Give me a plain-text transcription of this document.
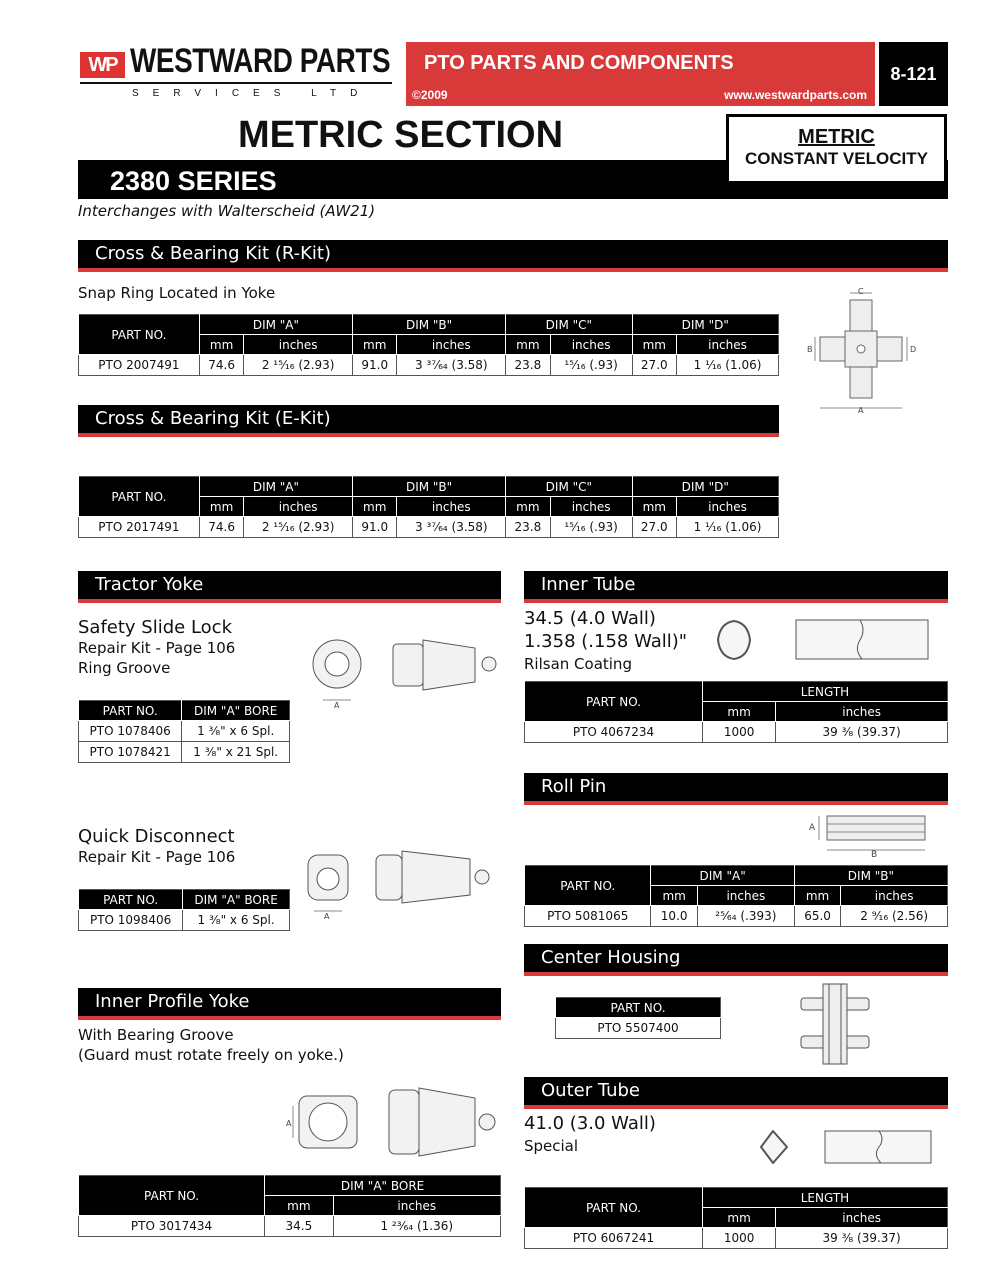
WP WESTWARD PARTS
SERVICES LTD
PTO PARTS AND COMPONENTS
©2009	www.westwardparts.com
8-121
METRIC SECTION
2380 SERIES
METRIC
CONSTANT VELOCITY
Interchanges with Walterscheid (AW21)
Cross & Bearing Kit (R-Kit)
Snap Ring Located in Yoke
PART NO.	DIM "A"		DIM "B"		DIM "C"		DIM "D"	
	mm	inches	mm	inches	mm	inches	mm	inches
PTO 2007491	74.6	2 ¹⁵⁄₁₆ (2.93)	91.0	3 ³⁷⁄₆₄ (3.58)	23.8	¹⁵⁄₁₆ (.93)	27.0	1 ¹⁄₁₆ (1.06)
C
A
B	D
Cross & Bearing Kit (E-Kit)
PART NO.	DIM "A"		DIM "B"		DIM "C"		DIM "D"	
	mm	inches	mm	inches	mm	inches	mm	inches
PTO 2017491	74.6	2 ¹⁵⁄₁₆ (2.93)	91.0	3 ³⁷⁄₆₄ (3.58)	23.8	¹⁵⁄₁₆ (.93)	27.0	1 ¹⁄₁₆ (1.06)
Tractor Yoke
Safety Slide Lock
Repair Kit - Page 106
Ring Groove
A
PART NO.	DIM "A" BORE
PTO 1078406	1 ³⁄₈" x 6 Spl.
PTO 1078421	1 ³⁄₈" x 21 Spl.
Quick Disconnect
Repair Kit - Page 106
A
PART NO.	DIM "A" BORE
PTO 1098406	1 ³⁄₈" x 6 Spl.
Inner Profile Yoke
With Bearing Groove
(Guard must rotate freely on yoke.)
A
PART NO.	DIM "A" BORE	
	mm	inches
PTO 3017434	34.5	1 ²³⁄₆₄ (1.36)
Inner Tube
34.5 (4.0 Wall)
1.358 (.158 Wall)"
Rilsan Coating
PART NO.	LENGTH	
	mm	inches
PTO 4067234	1000	39 ³⁄₈ (39.37)
Roll Pin
A
B
PART NO.	DIM "A"		DIM "B"	
	mm	inches	mm	inches
PTO 5081065	10.0	²⁵⁄₆₄ (.393)	65.0	2 ⁹⁄₁₆ (2.56)
Center Housing
PART NO.
PTO 5507400
Outer Tube
41.0 (3.0 Wall)
Special
PART NO.	LENGTH	
	mm	inches
PTO 6067241	1000	39 ³⁄₈ (39.37)
